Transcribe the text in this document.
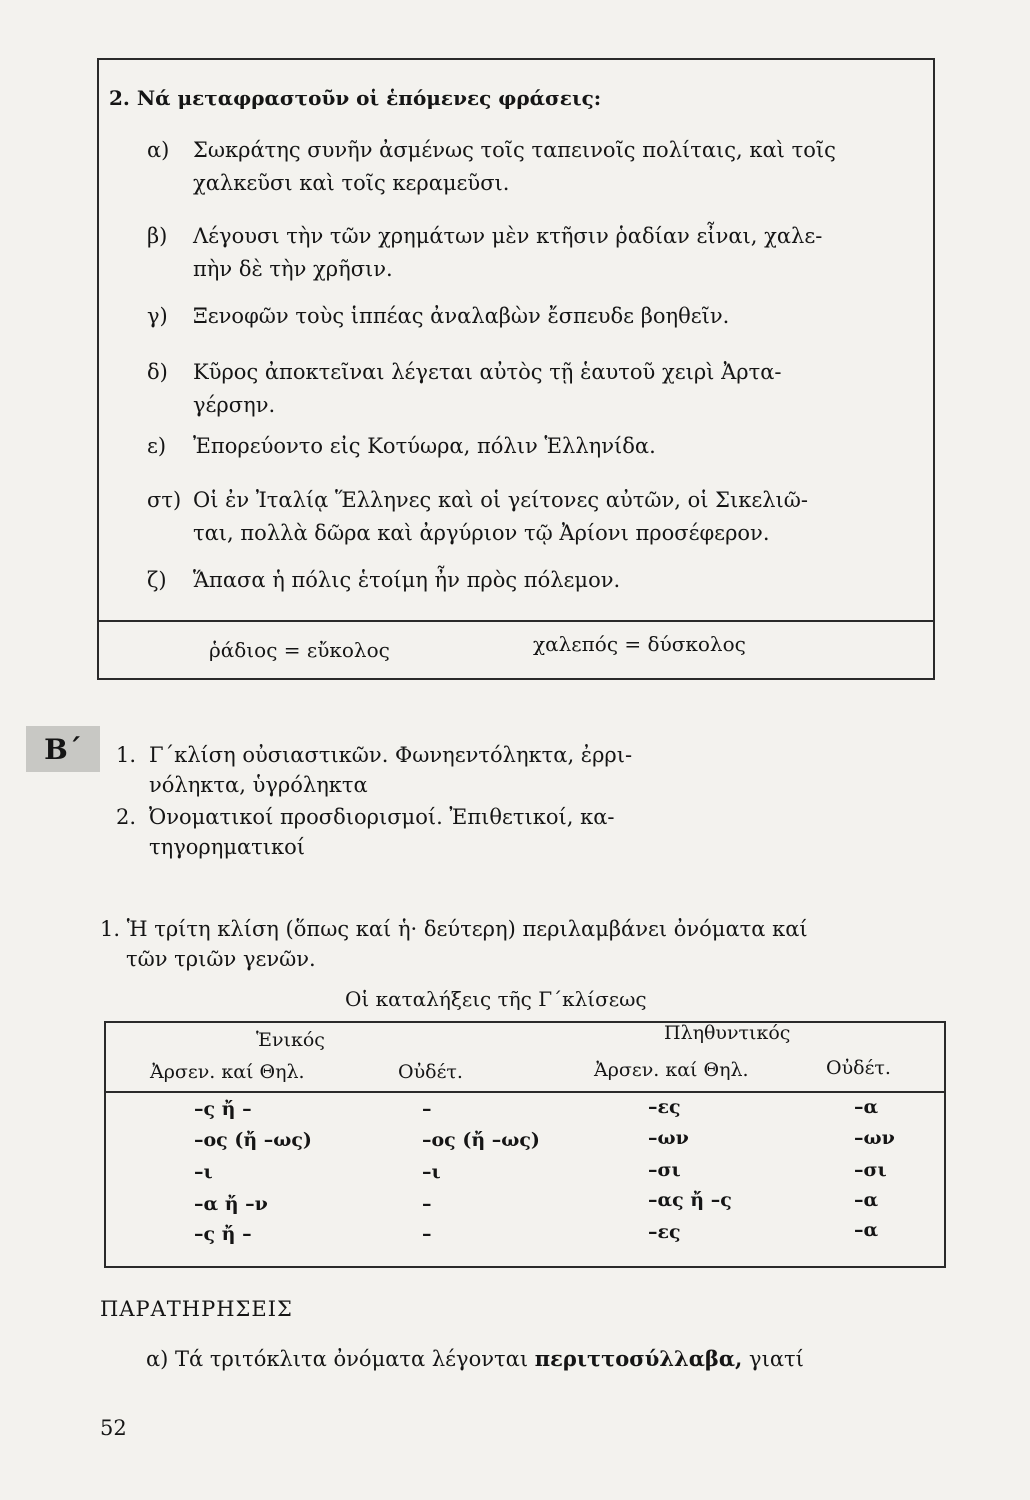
2. Νά μεταφραστοῦν οἱ ἑπόμενες φράσεις:
α) Σωκράτης συνῆν ἀσμένως τοῖς ταπεινοῖς πολίταις, καὶ τοῖς
χαλκεῦσι καὶ τοῖς κεραμεῦσι.
β) Λέγουσι τὴν τῶν χρημάτων μὲν κτῆσιν ῥαδίαν εἶναι, χαλε-
πὴν δὲ τὴν χρῆσιν.
γ) Ξενοφῶν τοὺς ἱππέας ἀναλαβὼν ἔσπευδε βοηθεῖν.
δ) Κῦρος ἀποκτεῖναι λέγεται αὐτὸς τῇ ἑαυτοῦ χειρὶ Ἀρτα-
γέρσην.
ε) Ἐπορεύοντο εἰς Κοτύωρα, πόλιν Ἑλληνίδα.
στ) Οἱ ἐν Ἰταλίᾳ Ἕλληνες καὶ οἱ γείτονες αὐτῶν, οἱ Σικελιῶ-
ται, πολλὰ δῶρα καὶ ἀργύριον τῷ Ἀρίονι προσέφερον.
ζ) Ἅπασα ἡ πόλις ἑτοίμη ἦν πρὸς πόλεμον.
ῥάδιος = εὔκολος	χαλεπός = δύσκολος
Β΄	1. Γ΄κλίση οὐσιαστικῶν. Φωνηεντόληκτα, ἐρρι-
νόληκτα, ὑγρόληκτα
2. Ὀνοματικοί προσδιορισμοί. Ἐπιθετικοί, κα-
τηγορηματικοί
1. Ἡ τρίτη κλίση (ὅπως καί ἡ· δεύτερη) περιλαμβάνει ὀνόματα καί
τῶν τριῶν γενῶν.
Οἱ καταλήξεις τῆς Γ΄κλίσεως
Ἑνικός	Πληθυντικός
Ἀρσεν. καί Θηλ.	Οὐδέτ.	Ἀρσεν. καί Θηλ.	Οὐδέτ.
–ς ἤ –	–	–ες	–α
–ος (ἤ –ως)	–ος (ἤ –ως)	–ων	–ων
–ι	–ι	–σι	–σι
–α ἤ –ν	–	–ας ἤ –ς	–α
–ς ἤ –	–	–ες	–α
ΠΑΡΑΤΗΡΗΣΕΙΣ
α) Τά τριτόκλιτα ὀνόματα λέγονται περιττοσύλλαβα, γιατί
52
